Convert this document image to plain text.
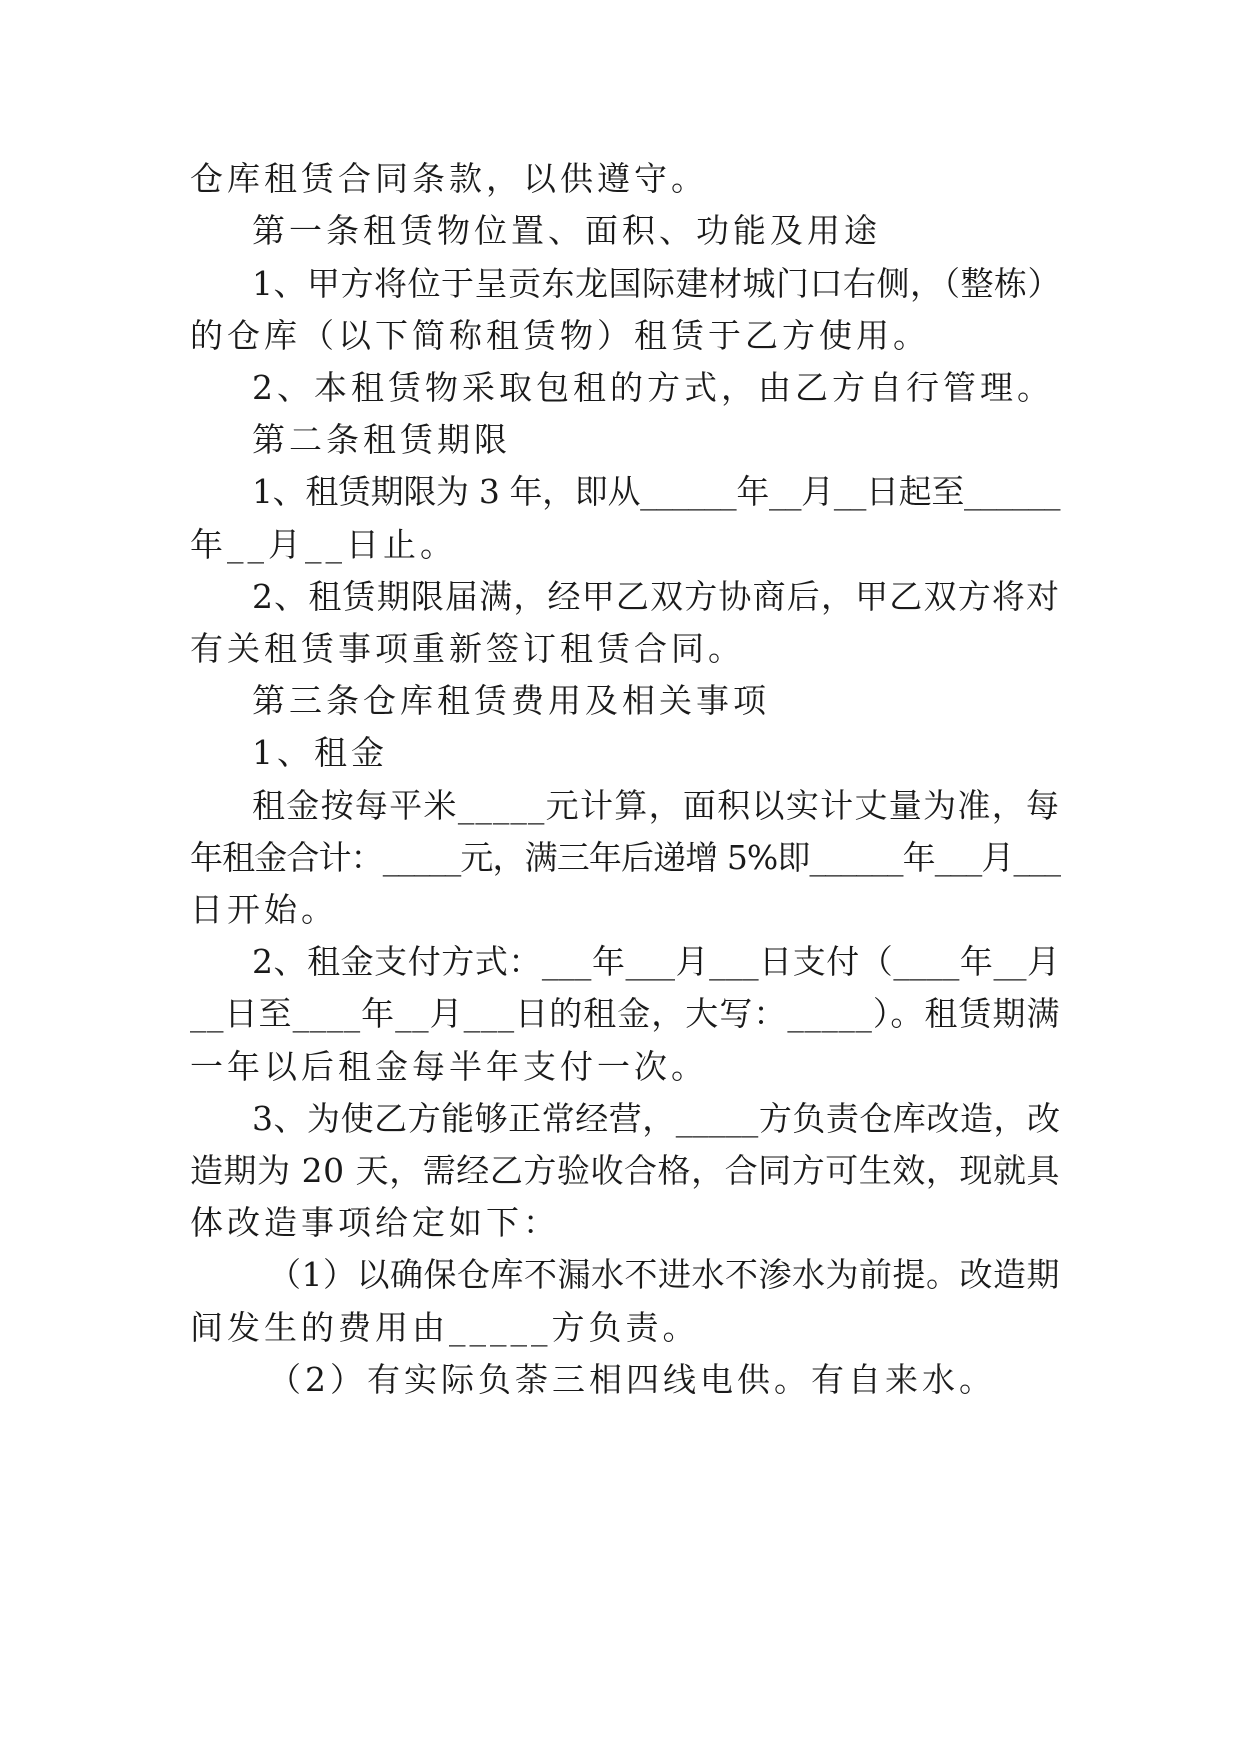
仓库租赁合同条款，以供遵守。

第一条租赁物位置、面积、功能及用途

1、甲方将位于呈贡东龙国际建材城门口右侧，（整栋）

的仓库（以下简称租赁物）租赁于乙方使用。

2、本租赁物采取包租的方式，由乙方自行管理。

第二条租赁期限

1、租赁期限为 3 年，即从______年__月__日起至______

年__月__日止。

2、租赁期限届满，经甲乙双方协商后，甲乙双方将对

有关租赁事项重新签订租赁合同。

第三条仓库租赁费用及相关事项

1、租金

租金按每平米_____元计算，面积以实计丈量为准，每

年租金合计：_____元，满三年后递增 5%即______年___月___

日开始。

2、租金支付方式：___年___月___日支付（____年__月

__日至____年__月___日的租金，大写：_____）。租赁期满

一年以后租金每半年支付一次。

3、为使乙方能够正常经营，_____方负责仓库改造，改

造期为 20 天，需经乙方验收合格，合同方可生效，现就具

体改造事项给定如下：

（1）以确保仓库不漏水不进水不渗水为前提。改造期

间发生的费用由_____方负责。

（2）有实际负荼三相四线电供。有自来水。
